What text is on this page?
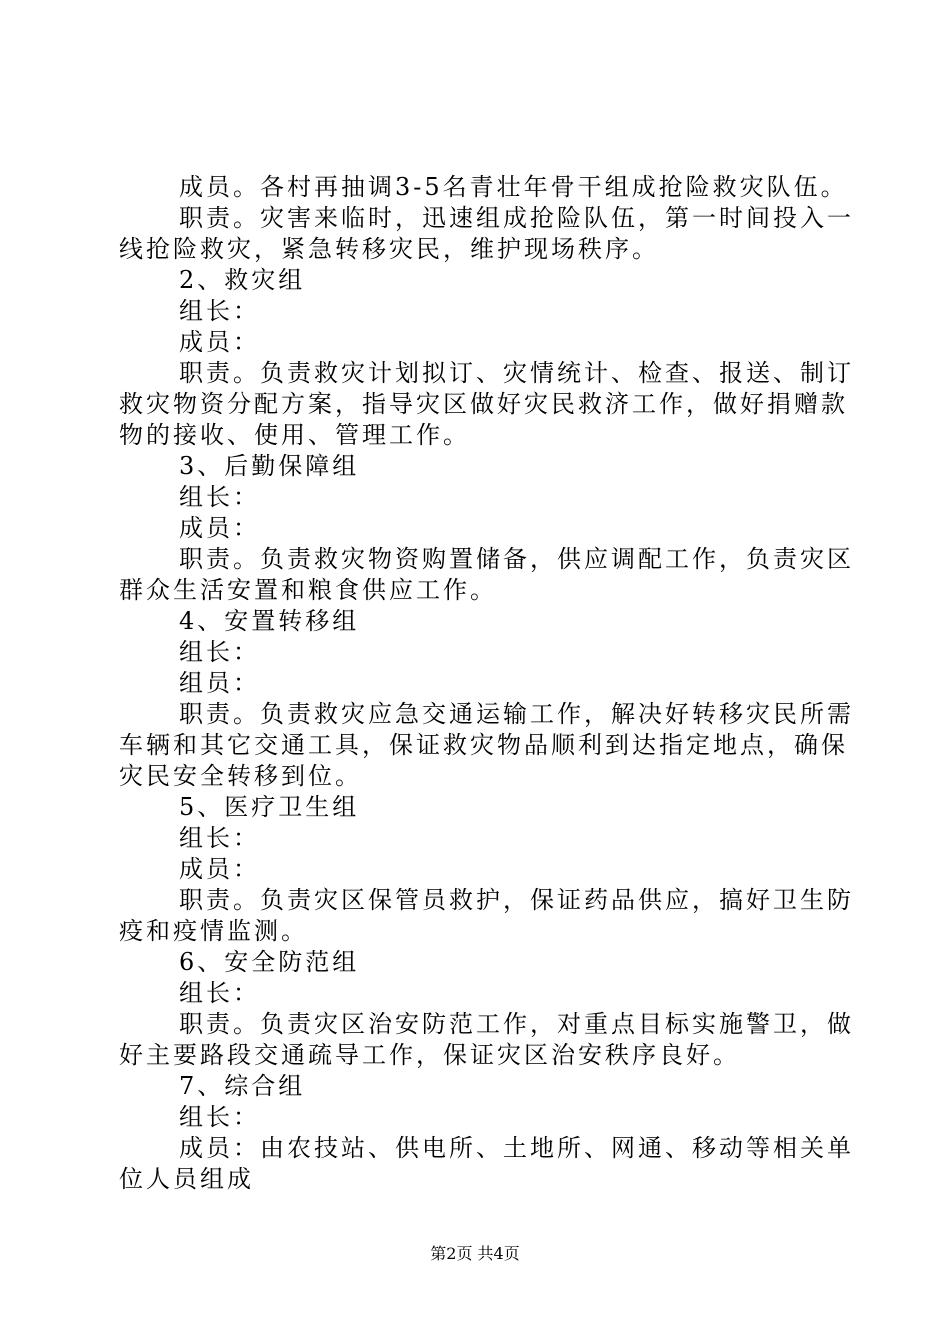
成员。各村再抽调3-5名青壮年骨干组成抢险救灾队伍。
职责。灾害来临时，迅速组成抢险队伍，第一时间投入一
线抢险救灾，紧急转移灾民，维护现场秩序。
2、救灾组
组长：
成员：
职责。负责救灾计划拟订、灾情统计、检查、报送、制订
救灾物资分配方案，指导灾区做好灾民救济工作，做好捐赠款
物的接收、使用、管理工作。
3、后勤保障组
组长：
成员：
职责。负责救灾物资购置储备，供应调配工作，负责灾区
群众生活安置和粮食供应工作。
4、安置转移组
组长：
组员：
职责。负责救灾应急交通运输工作，解决好转移灾民所需
车辆和其它交通工具，保证救灾物品顺利到达指定地点，确保
灾民安全转移到位。
5、医疗卫生组
组长：
成员：
职责。负责灾区保管员救护，保证药品供应，搞好卫生防
疫和疫情监测。
6、安全防范组
组长：
职责。负责灾区治安防范工作，对重点目标实施警卫，做
好主要路段交通疏导工作，保证灾区治安秩序良好。
7、综合组
组长：
成员：由农技站、供电所、土地所、网通、移动等相关单
位人员组成
第2页 共4页
